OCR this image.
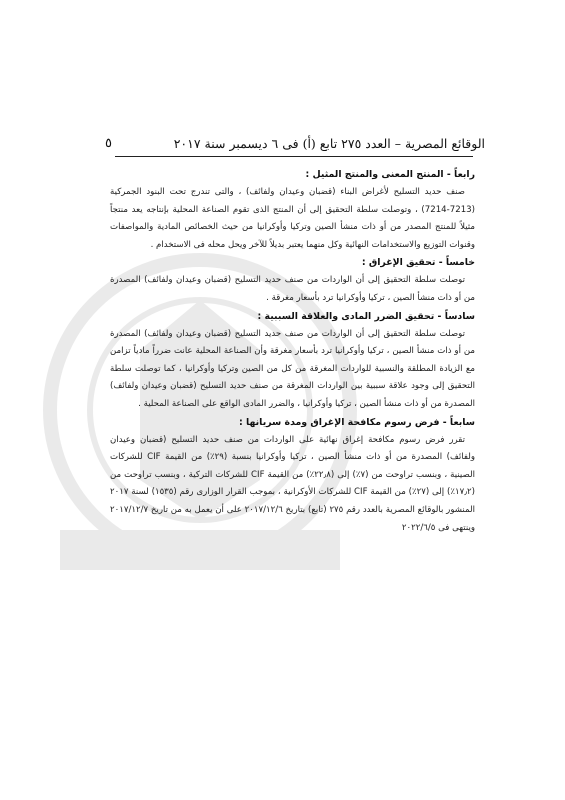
الوقائع المصرية – العدد ٢٧٥ تابع (أ) فى ٦ ديسمبر سنة ٢٠١٧
٥
رابعاً - المنتج المعنى والمنتج المثيل :

صنف حديد التسليح لأغراض البناء (قضبان وعيدان ولفائف) ، والتى تندرج تحت البنود الجمركية (7213-7214) ، وتوصلت سلطة التحقيق إلى أن المنتج الذى تقوم الصناعة المحلية بإنتاجه يعد منتجاً مثيلاً للمنتج المصدر من أو ذات منشأ الصين وتركيا وأوكرانيا من حيث الخصائص المادية والمواصفات وقنوات التوزيع والاستخدامات النهائية وكل منهما يعتبر بديلاً للآخر ويحل محله فى الاستخدام .

خامساً - تحقيق الإغراق :

توصلت سلطة التحقيق إلى أن الواردات من صنف حديد التسليح (قضبان وعيدان ولفائف) المصدرة من أو ذات منشأ الصين ، تركيا وأوكرانيا ترد بأسعار مغرقة .

سادساً - تحقيق الضرر المادى والعلاقة السببية :

توصلت سلطة التحقيق إلى أن الواردات من صنف حديد التسليح (قضبان وعيدان ولفائف) المصدرة من أو ذات منشأ الصين ، تركيا وأوكرانيا ترد بأسعار مغرقة وأن الصناعة المحلية عانت ضرراً مادياً تزامن مع الزيادة المطلقة والنسبية للواردات المغرقة من كل من الصين وتركيا وأوكرانيا ، كما توصلت سلطة التحقيق إلى وجود علاقة سببية بين الواردات المغرقة من صنف حديد التسليح (قضبان وعيدان ولفائف) المصدرة من أو ذات منشأ الصين ، تركيا وأوكرانيا ، والضرر المادى الواقع على الصناعة المحلية .

سابعاً - فرض رسوم مكافحة الإغراق ومدة سريانها :

تقرر فرض رسوم مكافحة إغراق نهائية على الواردات من صنف حديد التسليح (قضبان وعيدان ولفائف) المصدرة من أو ذات منشأ الصين ، تركيا وأوكرانيا بنسبة (٢٩٪) من القيمة CIF للشركات الصينية ، وبنسب تراوحت من (٧٪) إلى (٢٢٫٨٪) من القيمة CIF للشركات التركية ، وبنسب تراوحت من (١٧٫٢٪) إلى (٢٧٪) من القيمة CIF للشركات الأوكرانية ، بموجب القرار الوزارى رقم (١٥٣٥) لسنة ٢٠١٧ المنشور بالوقائع المصرية بالعدد رقم ٢٧٥ (تابع) بتاريخ ٢٠١٧/١٢/٦ على أن يعمل به من تاريخ ٢٠١٧/١٢/٧ وينتهى فى ٢٠٢٢/٦/٥
